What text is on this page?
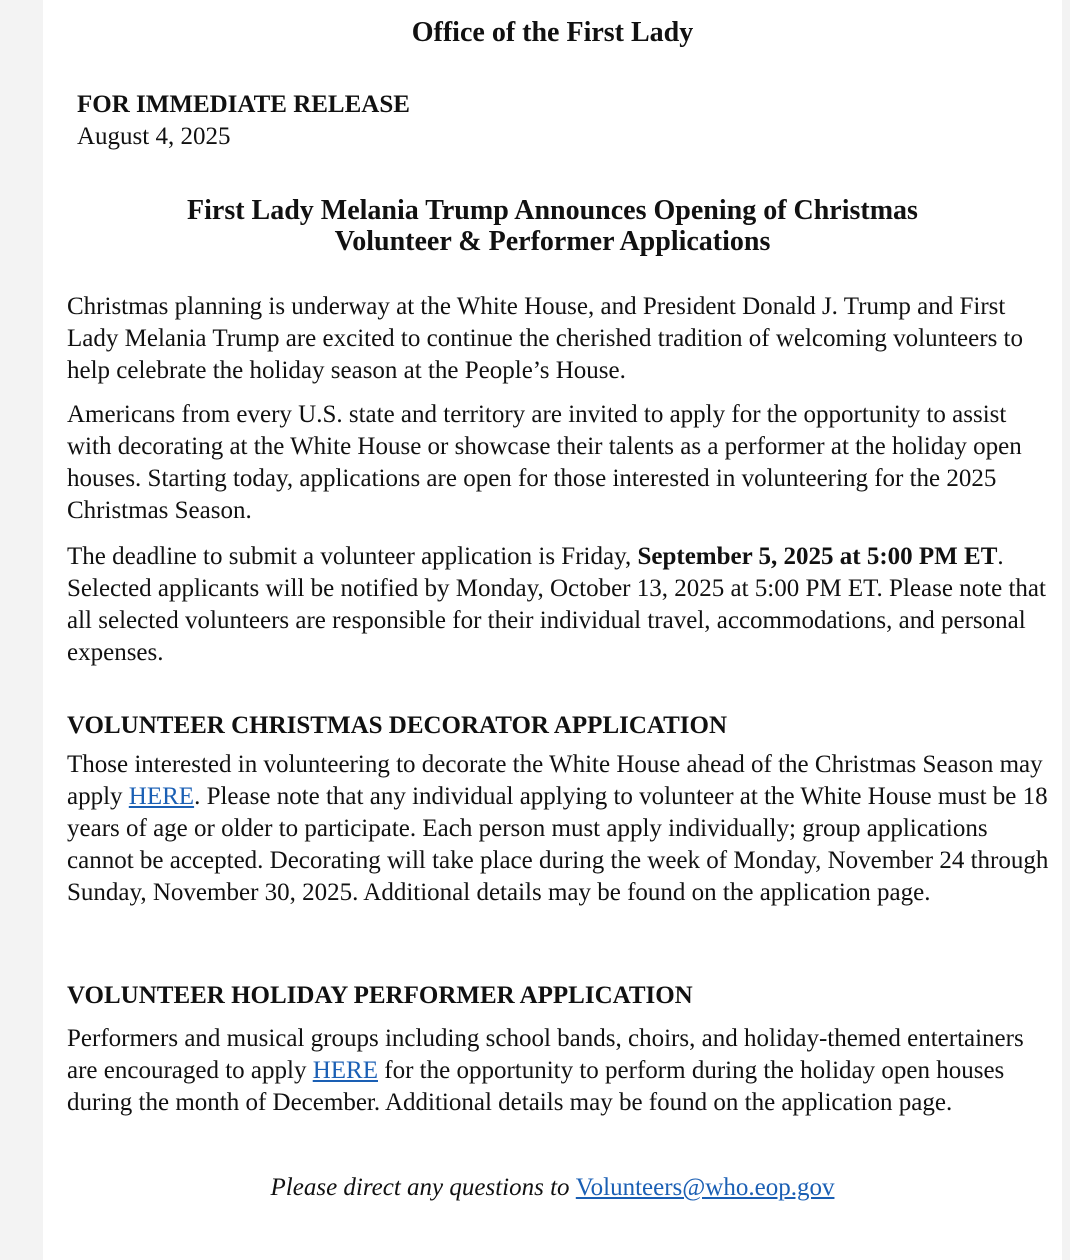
Office of the First Lady
FOR IMMEDIATE RELEASE
August 4, 2025
First Lady Melania Trump Announces Opening of Christmas
Volunteer & Performer Applications

Christmas planning is underway at the White House, and President Donald J. Trump and First Lady Melania Trump are excited to continue the cherished tradition of welcoming volunteers to help celebrate the holiday season at the People’s House.

Americans from every U.S. state and territory are invited to apply for the opportunity to assist with decorating at the White House or showcase their talents as a performer at the holiday open houses. Starting today, applications are open for those interested in volunteering for the 2025 Christmas Season.

The deadline to submit a volunteer application is Friday, September 5, 2025 at 5:00 PM ET. Selected applicants will be notified by Monday, October 13, 2025 at 5:00 PM ET. Please note that all selected volunteers are responsible for their individual travel, accommodations, and personal expenses.

VOLUNTEER CHRISTMAS DECORATOR APPLICATION

Those interested in volunteering to decorate the White House ahead of the Christmas Season may apply HERE. Please note that any individual applying to volunteer at the White House must be 18 years of age or older to participate. Each person must apply individually; group applications cannot be accepted. Decorating will take place during the week of Monday, November 24 through Sunday, November 30, 2025. Additional details may be found on the application page.

VOLUNTEER HOLIDAY PERFORMER APPLICATION

Performers and musical groups including school bands, choirs, and holiday-themed entertainers are encouraged to apply HERE for the opportunity to perform during the holiday open houses during the month of December. Additional details may be found on the application page.

Please direct any questions to Volunteers@who.eop.gov
